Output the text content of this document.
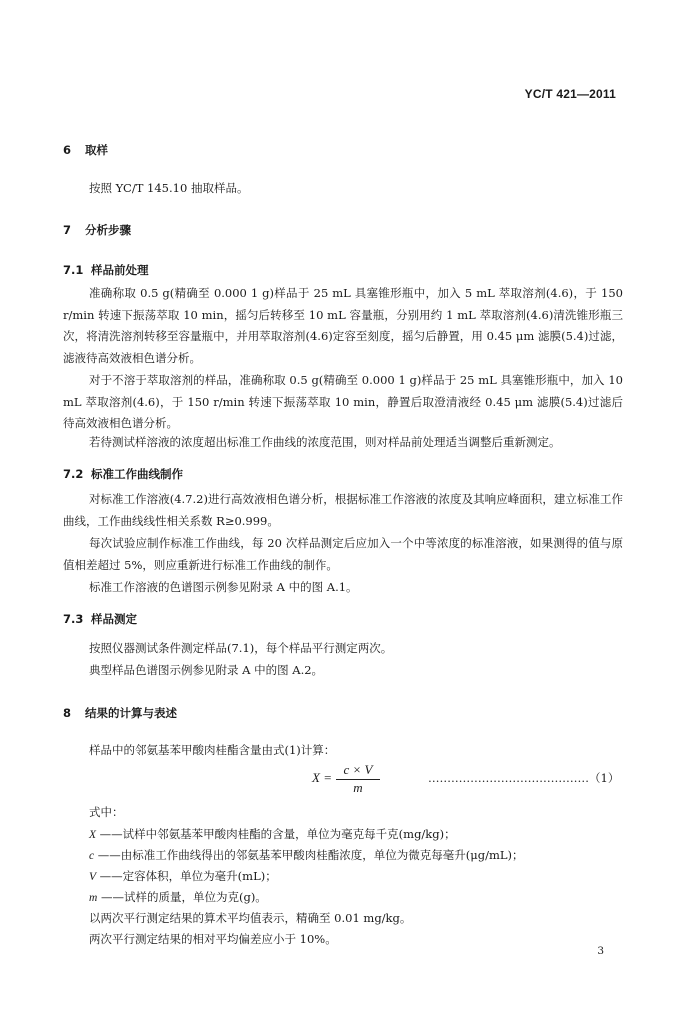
YC/T 421—2011
6 取样
按照 YC/T 145.10 抽取样品。
7 分析步骤
7.1 样品前处理
准确称取 0.5 g(精确至 0.000 1 g)样品于 25 mL 具塞锥形瓶中，加入 5 mL 萃取溶剂(4.6)，于 150 r/min 转速下振荡萃取 10 min，摇匀后转移至 10 mL 容量瓶，分别用约 1 mL 萃取溶剂(4.6)清洗锥形瓶三次，将清洗溶剂转移至容量瓶中，并用萃取溶剂(4.6)定容至刻度，摇匀后静置，用 0.45 μm 滤膜(5.4)过滤，滤液待高效液相色谱分析。
对于不溶于萃取溶剂的样品，准确称取 0.5 g(精确至 0.000 1 g)样品于 25 mL 具塞锥形瓶中，加入 10 mL 萃取溶剂(4.6)，于 150 r/min 转速下振荡萃取 10 min，静置后取澄清液经 0.45 μm 滤膜(5.4)过滤后待高效液相色谱分析。
若待测试样溶液的浓度超出标准工作曲线的浓度范围，则对样品前处理适当调整后重新测定。
7.2 标准工作曲线制作
对标准工作溶液(4.7.2)进行高效液相色谱分析，根据标准工作溶液的浓度及其响应峰面积，建立标准工作曲线，工作曲线线性相关系数 R≥0.999。
每次试验应制作标准工作曲线，每 20 次样品测定后应加入一个中等浓度的标准溶液，如果测得的值与原值相差超过 5%，则应重新进行标准工作曲线的制作。
标准工作溶液的色谱图示例参见附录 A 中的图 A.1。
7.3 样品测定
按照仪器测试条件测定样品(7.1)，每个样品平行测定两次。
典型样品色谱图示例参见附录 A 中的图 A.2。
8 结果的计算与表述
样品中的邻氨基苯甲酸肉桂酯含量由式(1)计算：
$X = \frac{c \times V}{m}$	……………………………………（1）
式中：
X ——试样中邻氨基苯甲酸肉桂酯的含量，单位为毫克每千克(mg/kg)；
c ——由标准工作曲线得出的邻氨基苯甲酸肉桂酯浓度，单位为微克每毫升(μg/mL)；
V ——定容体积，单位为毫升(mL)；
m ——试样的质量，单位为克(g)。
以两次平行测定结果的算术平均值表示，精确至 0.01 mg/kg。
两次平行测定结果的相对平均偏差应小于 10%。
3
